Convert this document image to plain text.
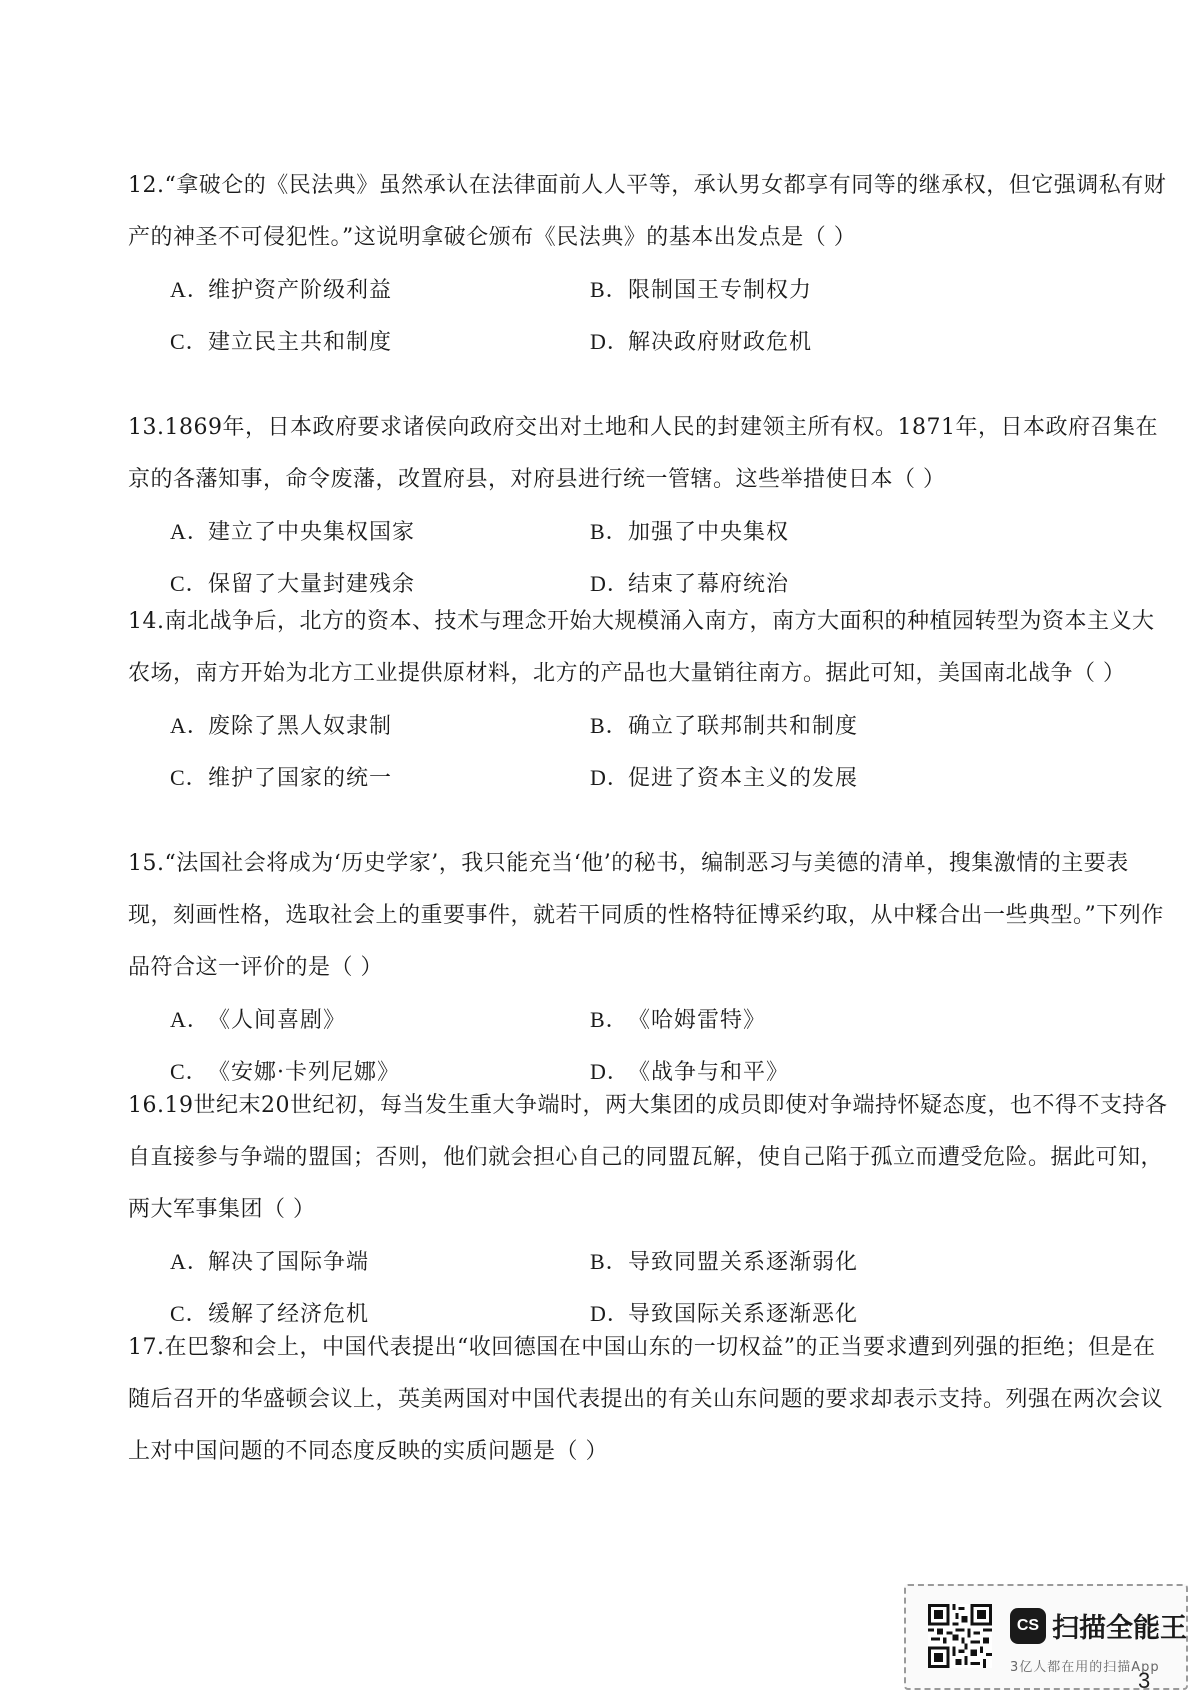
12.“拿破仑的《民法典》虽然承认在法律面前人人平等，承认男女都享有同等的继承权，但它强调私有财产的神圣不可侵犯性。”这说明拿破仑颁布《民法典》的基本出发点是（ ）

A．维护资产阶级利益	B．限制国王专制权力
C．建立民主共和制度	D．解决政府财政危机

13.1869年，日本政府要求诸侯向政府交出对土地和人民的封建领主所有权。1871年，日本政府召集在京的各藩知事，命令废藩，改置府县，对府县进行统一管辖。这些举措使日本（ ）

A．建立了中央集权国家	B．加强了中央集权
C．保留了大量封建残余	D．结束了幕府统治

14.南北战争后，北方的资本、技术与理念开始大规模涌入南方，南方大面积的种植园转型为资本主义大农场，南方开始为北方工业提供原材料，北方的产品也大量销往南方。据此可知，美国南北战争（ ）

A．废除了黑人奴隶制	B．确立了联邦制共和制度
C．维护了国家的统一	D．促进了资本主义的发展

15.“法国社会将成为‘历史学家’，我只能充当‘他’的秘书，编制恶习与美德的清单，搜集激情的主要表现，刻画性格，选取社会上的重要事件，就若干同质的性格特征博采约取，从中糅合出一些典型。”下列作品符合这一评价的是（ ）

A．《人间喜剧》	B．《哈姆雷特》
C．《安娜·卡列尼娜》	D．《战争与和平》

16.19世纪末20世纪初，每当发生重大争端时，两大集团的成员即使对争端持怀疑态度，也不得不支持各自直接参与争端的盟国；否则，他们就会担心自己的同盟瓦解，使自己陷于孤立而遭受危险。据此可知，两大军事集团（ ）

A．解决了国际争端	B．导致同盟关系逐渐弱化
C．缓解了经济危机	D．导致国际关系逐渐恶化

17.在巴黎和会上，中国代表提出“收回德国在中国山东的一切权益”的正当要求遭到列强的拒绝；但是在随后召开的华盛顿会议上，英美两国对中国代表提出的有关山东问题的要求却表示支持。列强在两次会议上对中国问题的不同态度反映的实质问题是（ ）

CS 扫描全能王
3亿人都在用的扫描App
3
